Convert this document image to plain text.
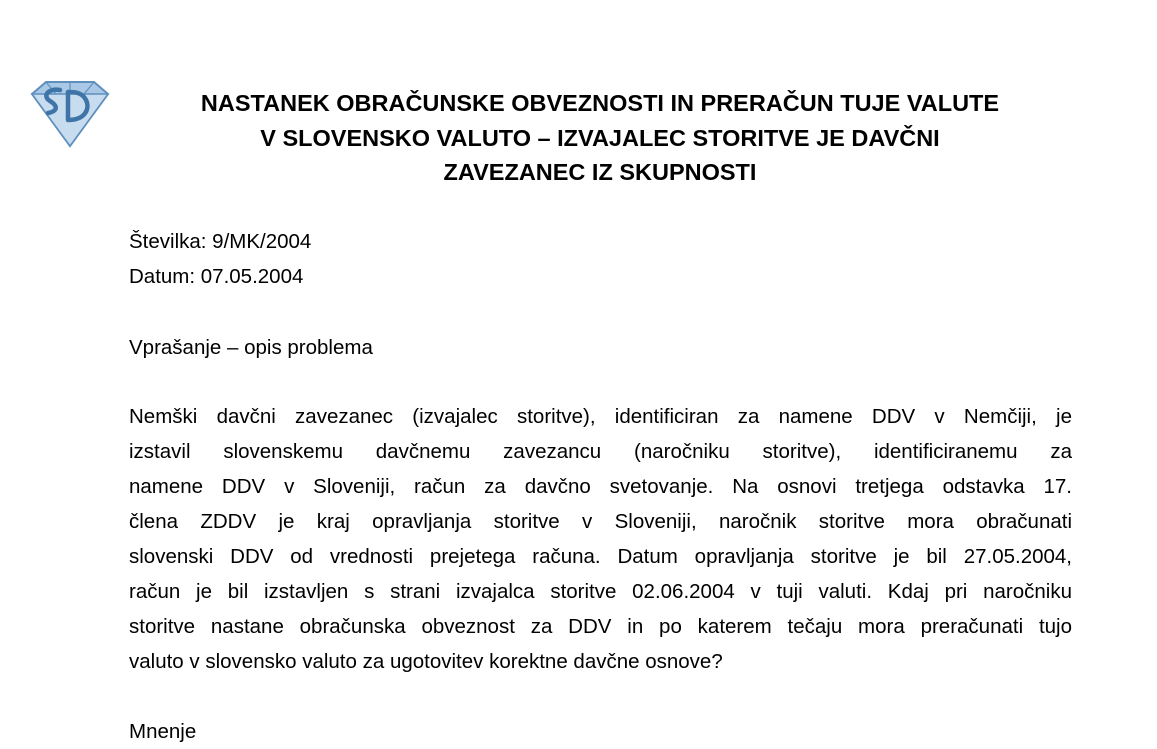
NASTANEK OBRAČUNSKE OBVEZNOSTI IN PRERAČUN TUJE VALUTE
V SLOVENSKO VALUTO – IZVAJALEC STORITVE JE DAVČNI
ZAVEZANEC IZ SKUPNOSTI
Številka: 9/MK/2004
Datum: 07.05.2004
Vprašanje – opis problema
Nemški davčni zavezanec (izvajalec storitve), identificiran za namene DDV v Nemčiji, je
izstavil slovenskemu davčnemu zavezancu (naročniku storitve), identificiranemu za
namene DDV v Sloveniji, račun za davčno svetovanje. Na osnovi tretjega odstavka 17.
člena ZDDV je kraj opravljanja storitve v Sloveniji, naročnik storitve mora obračunati
slovenski DDV od vrednosti prejetega računa. Datum opravljanja storitve je bil 27.05.2004,
račun je bil izstavljen s strani izvajalca storitve 02.06.2004 v tuji valuti. Kdaj pri naročniku
storitve nastane obračunska obveznost za DDV in po katerem tečaju mora preračunati tujo
valuto v slovensko valuto za ugotovitev korektne davčne osnove?
Mnenje
